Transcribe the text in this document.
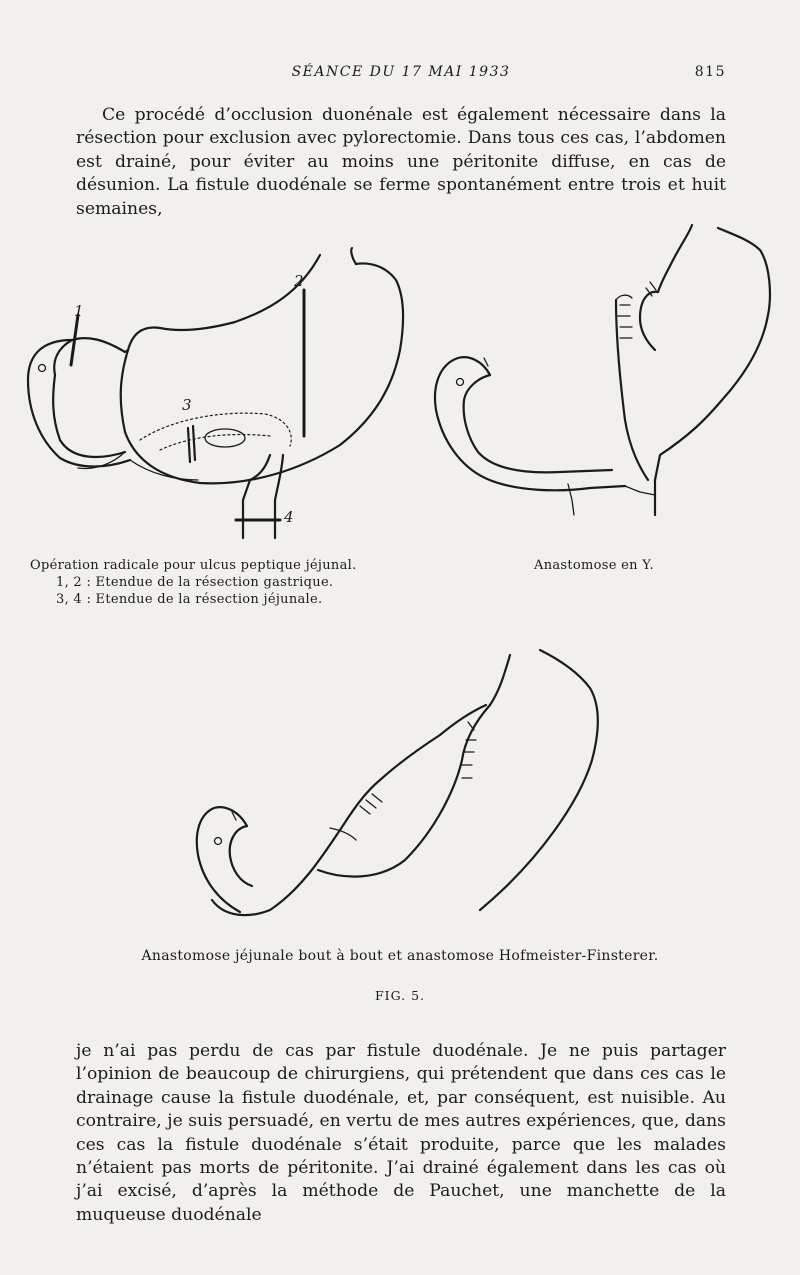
SÉANCE DU 17 MAI 1933	815

Ce procédé d’occlusion duonénale est également nécessaire dans la résection pour exclusion avec pylorectomie. Dans tous ces cas, l’abdomen est drainé, pour éviter au moins une péritonite diffuse, en cas de désunion. La fistule duodénale se ferme spontanément entre trois et huit semaines,

1
2
3
4
Opération radicale pour ulcus peptique jéjunal.
1, 2 : Etendue de la résection gastrique.
3, 4 : Etendue de la résection jéjunale.
Anastomose en Y.
Anastomose jéjunale bout à bout et anastomose Hofmeister-Finsterer.
FIG. 5.

je n’ai pas perdu de cas par fistule duodénale. Je ne puis partager l’opinion de beaucoup de chirurgiens, qui prétendent que dans ces cas le drainage cause la fistule duodénale, et, par conséquent, est nuisible. Au contraire, je suis persuadé, en vertu de mes autres expériences, que, dans ces cas la fistule duodénale s’était produite, parce que les malades n’étaient pas morts de péritonite. J’ai drainé également dans les cas où j’ai excisé, d’après la méthode de Pauchet, une manchette de la muqueuse duodénale
